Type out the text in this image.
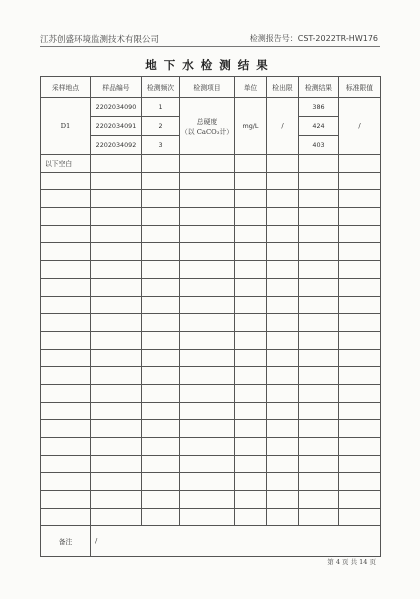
江苏创盛环境监测技术有限公司	检测报告号：CST-2022TR-HW176
地下水检测结果
采样地点	样品编号	检测频次	检测项目	单位	检出限	检测结果	标准限值
D1	2202034090	1	总硬度
（以 CaCO₃计）	mg/L	/	386	/
	2202034091	2				424	
	2202034092	3				403	
以下空白							

备注	/						
第 4 页 共 14 页
